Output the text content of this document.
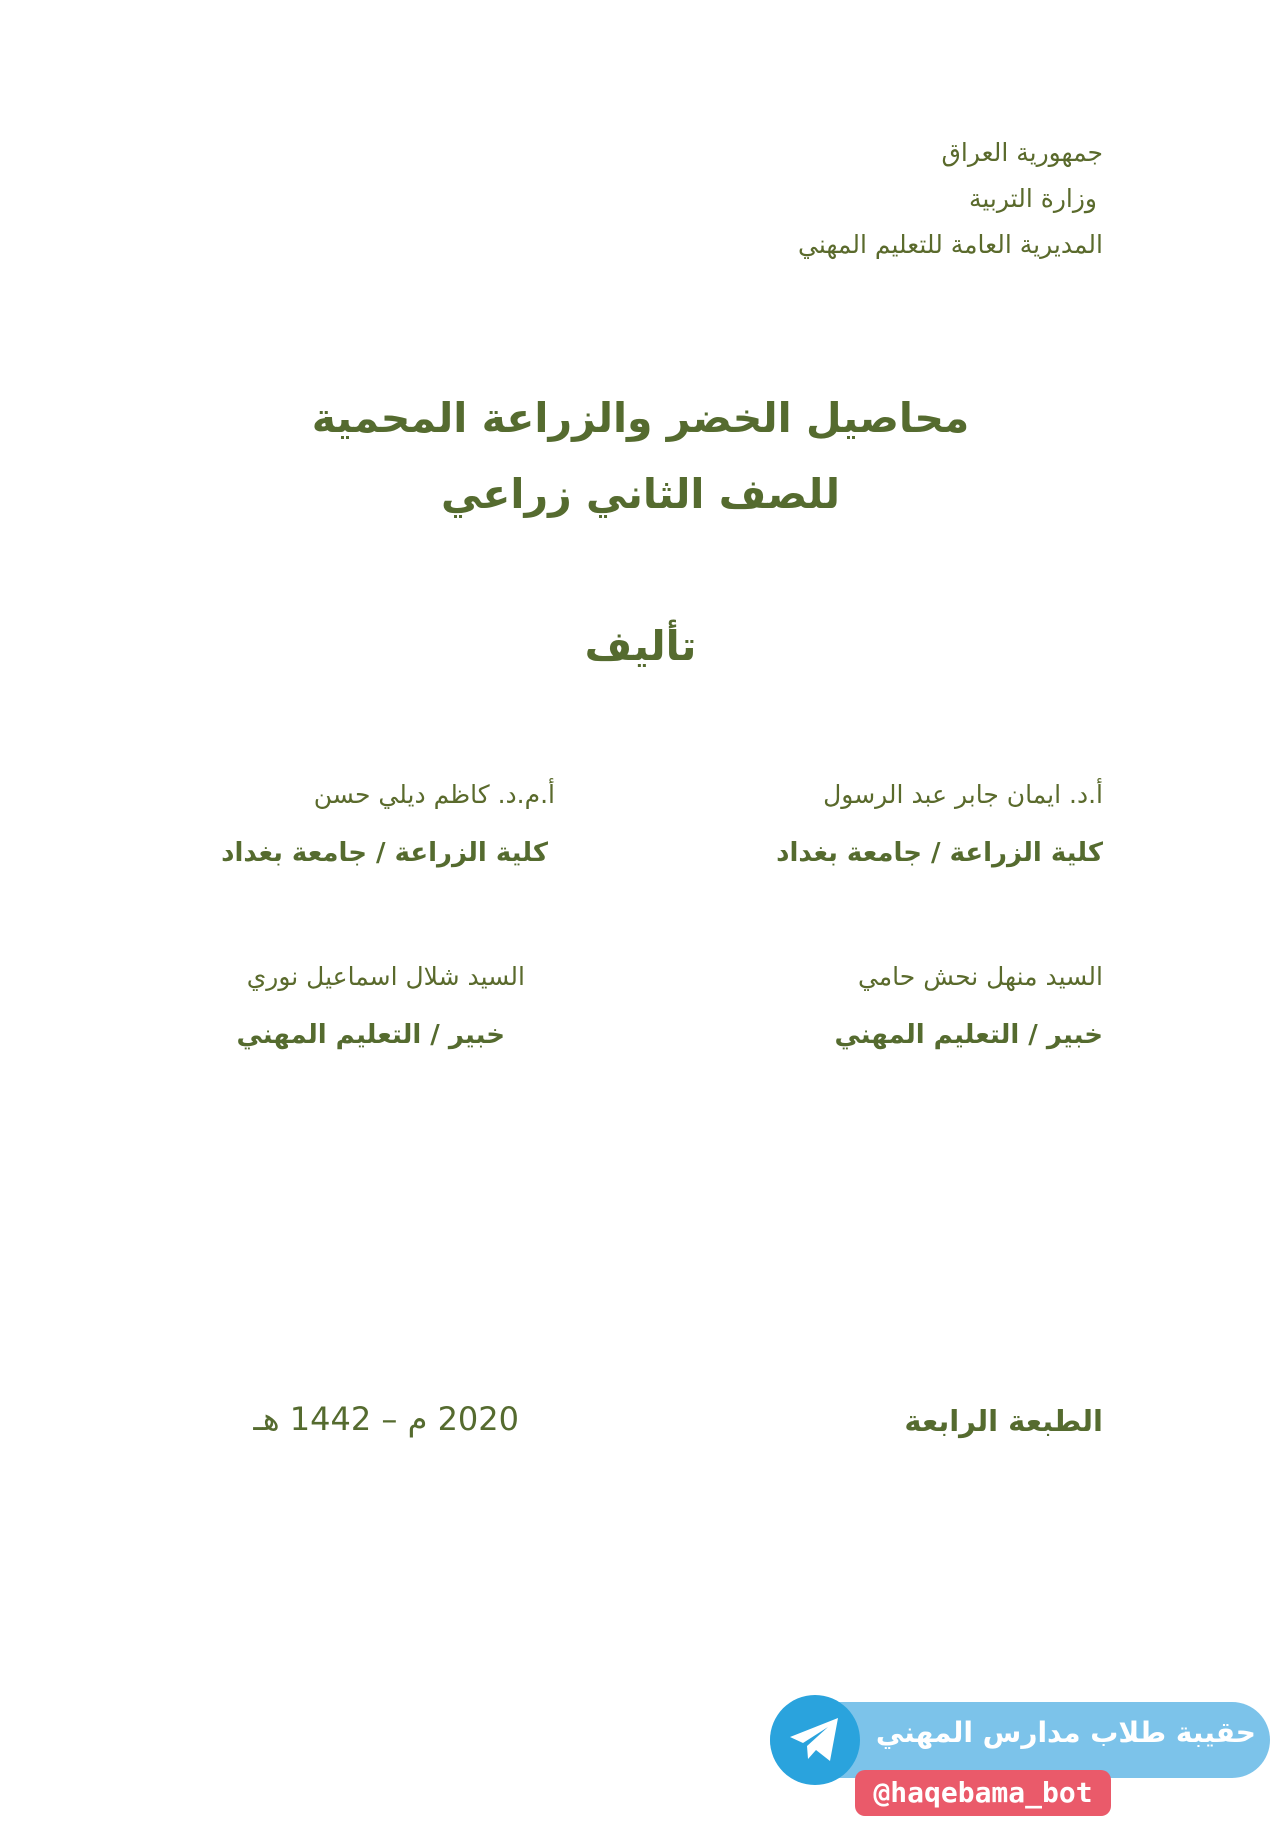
جمهورية العراق
وزارة التربية
المديرية العامة للتعليم المهني
محاصيل الخضر والزراعة المحمية
للصف الثاني زراعي
تأليف
أ.د. ايمان جابر عبد الرسول
كلية الزراعة / جامعة بغداد
أ.م.د. كاظم ديلي حسن
كلية الزراعة / جامعة بغداد
السيد منهل نحش حامي
خبير / التعليم المهني
السيد شلال اسماعيل نوري
خبير / التعليم المهني
الطبعة الرابعة
2020 م – 1442 هـ
حقيبة طلاب مدارس المهني
@haqebama_bot
